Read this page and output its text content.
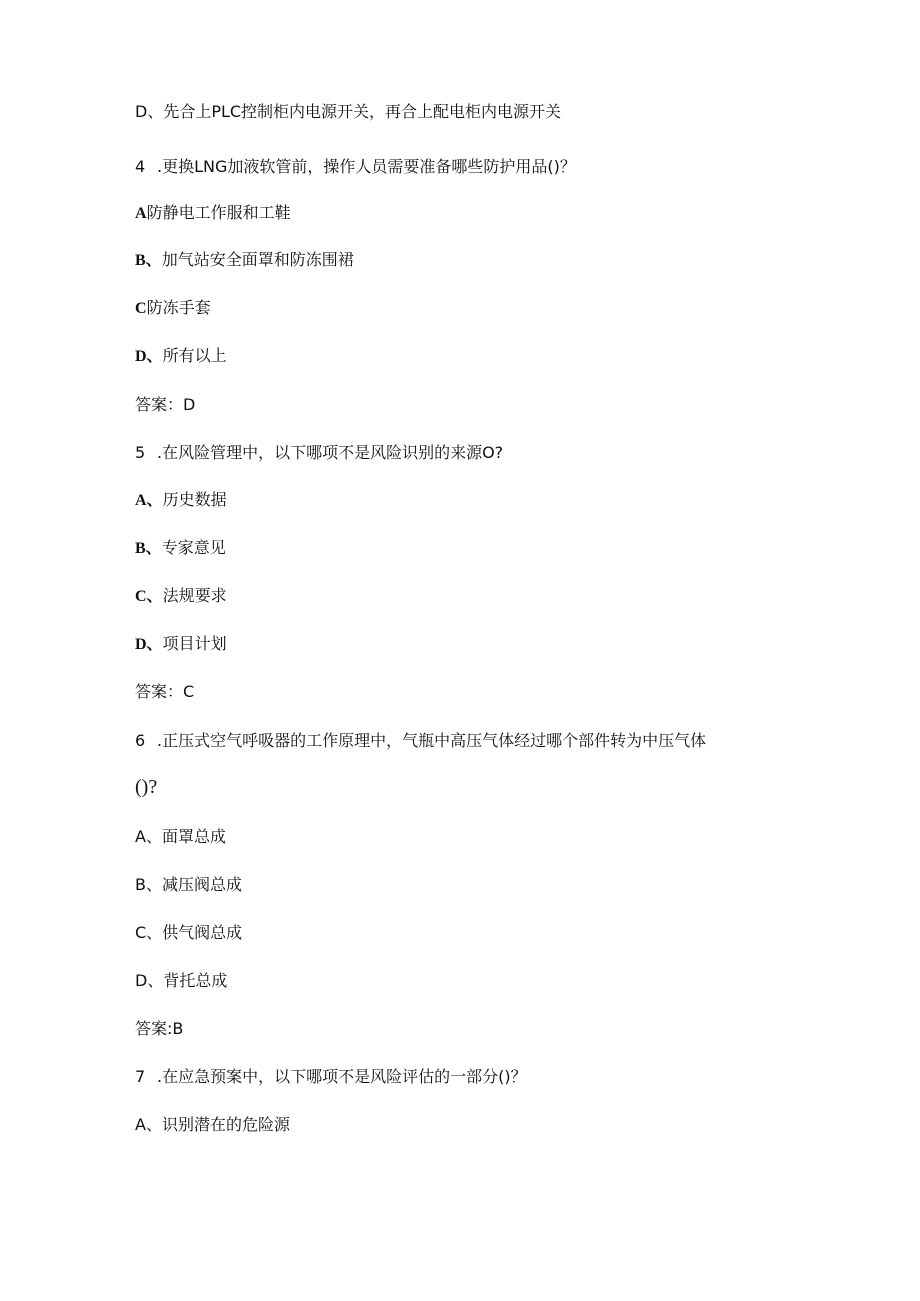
D、先合上PLC控制柜内电源开关，再合上配电柜内电源开关
4 .更换LNG加液软管前，操作人员需要准备哪些防护用品()？
A防静电工作服和工鞋
B、加气站安全面罩和防冻围裙
C防冻手套
D、所有以上
答案：D
5 .在风险管理中，以下哪项不是风险识别的来源O?
A、历史数据
B、专家意见
C、法规要求
D、项目计划
答案：C
6 .正压式空气呼吸器的工作原理中，气瓶中高压气体经过哪个部件转为中压气体
()?
A、面罩总成
B、减压阀总成
C、供气阀总成
D、背托总成
答案:B
7 .在应急预案中，以下哪项不是风险评估的一部分()？
A、识别潜在的危险源
